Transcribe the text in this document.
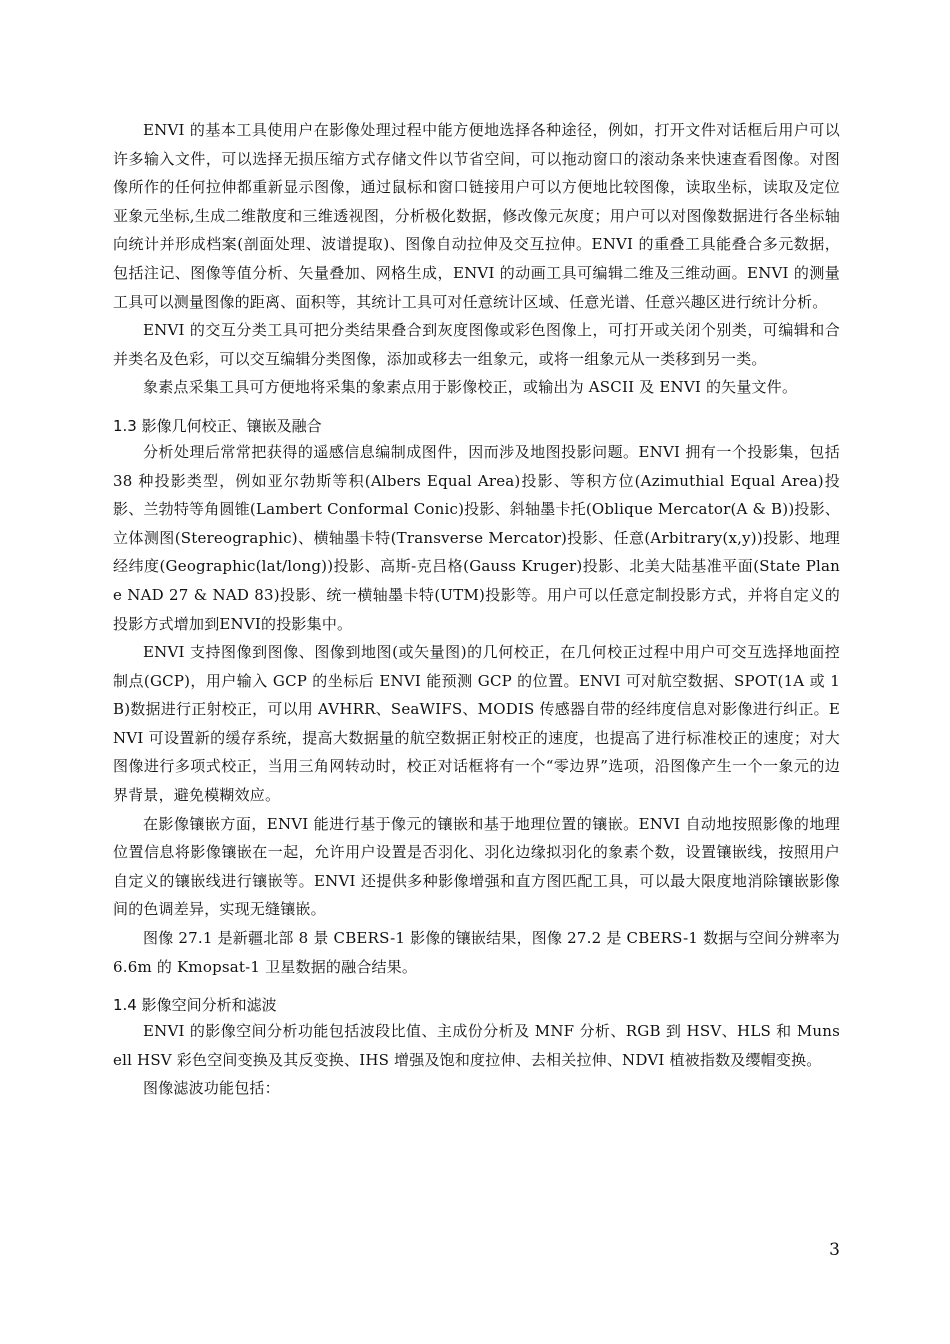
ENVI 的基本工具使用户在影像处理过程中能方便地选择各种途径，例如，打开文件对话框后用户可以许多输入文件，可以选择无损压缩方式存储文件以节省空间，可以拖动窗口的滚动条来快速查看图像。对图像所作的任何拉伸都重新显示图像，通过鼠标和窗口链接用户可以方便地比较图像，读取坐标，读取及定位亚象元坐标,生成二维散度和三维透视图，分析极化数据，修改像元灰度；用户可以对图像数据进行各坐标轴向统计并形成档案(剖面处理、波谱提取)、图像自动拉伸及交互拉伸。ENVI 的重叠工具能叠合多元数据，包括注记、图像等值分析、矢量叠加、网格生成，ENVI 的动画工具可编辑二维及三维动画。ENVI 的测量工具可以测量图像的距离、面积等，其统计工具可对任意统计区域、任意光谱、任意兴趣区进行统计分析。

ENVI 的交互分类工具可把分类结果叠合到灰度图像或彩色图像上，可打开或关闭个别类，可编辑和合并类名及色彩，可以交互编辑分类图像，添加或移去一组象元，或将一组象元从一类移到另一类。

象素点采集工具可方便地将采集的象素点用于影像校正，或输出为 ASCII 及 ENVI 的矢量文件。

1.3 影像几何校正、镶嵌及融合

分析处理后常常把获得的遥感信息编制成图件，因而涉及地图投影问题。ENVI 拥有一个投影集，包括 38 种投影类型，例如亚尔勃斯等积(Albers Equal Area)投影、等积方位(Azimuthial Equal Area)投影、兰勃特等角圆锥(Lambert Conformal Conic)投影、斜轴墨卡托(Oblique Mercator(A & B))投影、立体测图(Stereographic)、横轴墨卡特(Transverse Mercator)投影、任意(Arbitrary(x,y))投影、地理经纬度(Geographic(lat/long))投影、高斯-克吕格(Gauss Kruger)投影、北美大陆基准平面(State Plane NAD 27 & NAD 83)投影、统一横轴墨卡特(UTM)投影等。用户可以任意定制投影方式，并将自定义的投影方式增加到ENVI的投影集中。

ENVI 支持图像到图像、图像到地图(或矢量图)的几何校正，在几何校正过程中用户可交互选择地面控制点(GCP)，用户输入 GCP 的坐标后 ENVI 能预测 GCP 的位置。ENVI 可对航空数据、SPOT(1A 或 1B)数据进行正射校正，可以用 AVHRR、SeaWIFS、MODIS 传感器自带的经纬度信息对影像进行纠正。ENVI 可设置新的缓存系统，提高大数据量的航空数据正射校正的速度，也提高了进行标准校正的速度；对大图像进行多项式校正，当用三角网转动时，校正对话框将有一个“零边界”选项，沿图像产生一个一象元的边界背景，避免模糊效应。

在影像镶嵌方面，ENVI 能进行基于像元的镶嵌和基于地理位置的镶嵌。ENVI 自动地按照影像的地理位置信息将影像镶嵌在一起，允许用户设置是否羽化、羽化边缘拟羽化的象素个数，设置镶嵌线，按照用户自定义的镶嵌线进行镶嵌等。ENVI 还提供多种影像增强和直方图匹配工具，可以最大限度地消除镶嵌影像间的色调差异，实现无缝镶嵌。

图像 27.1 是新疆北部 8 景 CBERS-1 影像的镶嵌结果，图像 27.2 是 CBERS-1 数据与空间分辨率为 6.6m 的 Kmopsat-1 卫星数据的融合结果。

1.4 影像空间分析和滤波

ENVI 的影像空间分析功能包括波段比值、主成份分析及 MNF 分析、RGB 到 HSV、HLS 和 Munsell HSV 彩色空间变换及其反变换、IHS 增强及饱和度拉伸、去相关拉伸、NDVI 植被指数及缨帽变换。

图像滤波功能包括：

3
